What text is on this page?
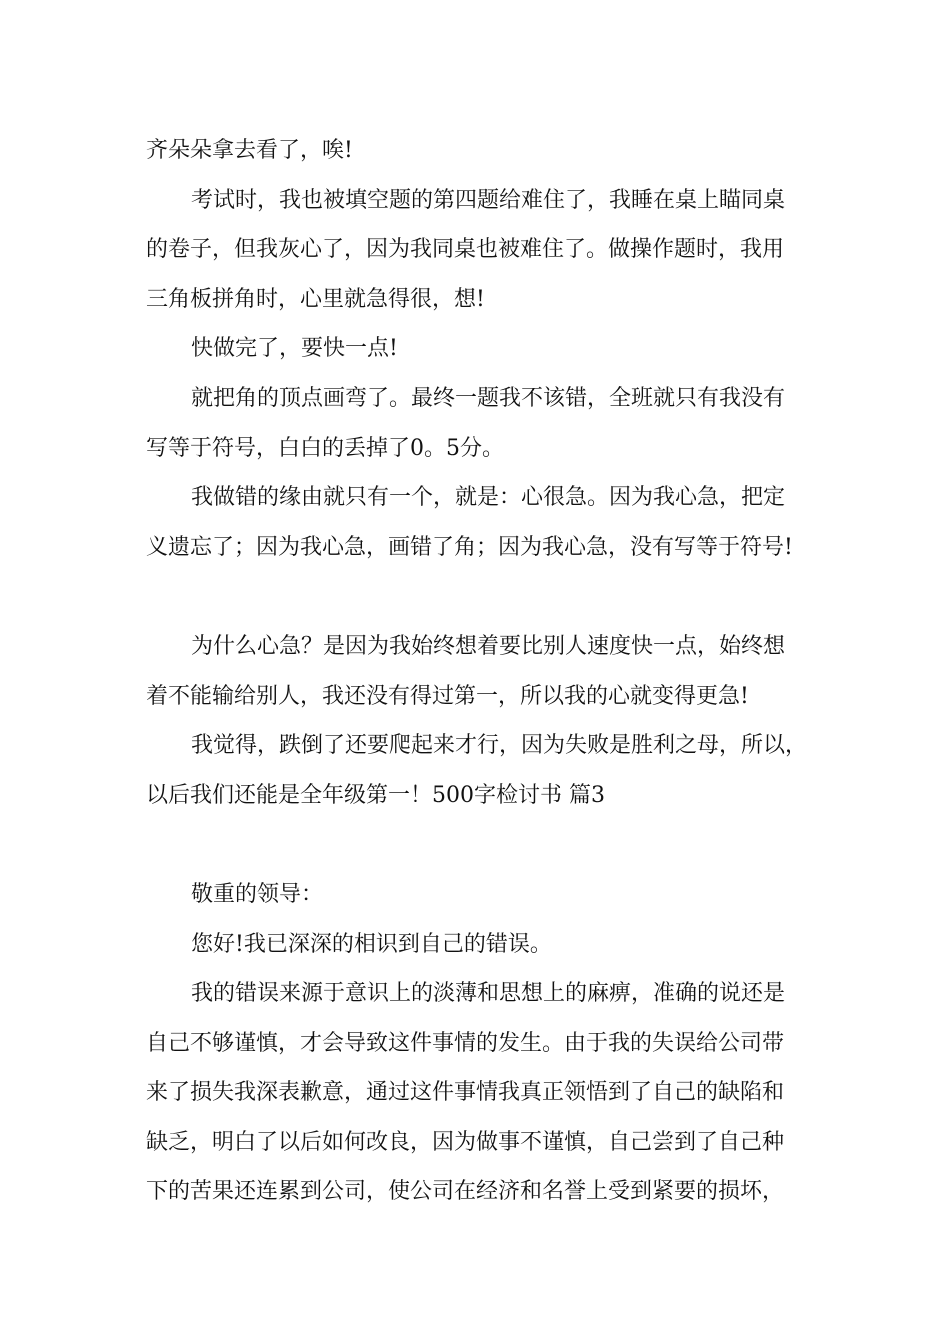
齐朵朵拿去看了，唉!

考试时，我也被填空题的第四题给难住了，我睡在桌上瞄同桌

的卷子，但我灰心了，因为我同桌也被难住了。做操作题时，我用

三角板拼角时，心里就急得很，想!

快做完了，要快一点!

就把角的顶点画弯了。最终一题我不该错，全班就只有我没有

写等于符号，白白的丢掉了0。5分。

我做错的缘由就只有一个，就是：心很急。因为我心急，把定

义遗忘了；因为我心急，画错了角；因为我心急，没有写等于符号!

为什么心急？是因为我始终想着要比别人速度快一点，始终想

着不能输给别人，我还没有得过第一，所以我的心就变得更急!

我觉得，跌倒了还要爬起来才行，因为失败是胜利之母，所以，

以后我们还能是全年级第一！500字检讨书 篇3

敬重的领导：

您好!我已深深的相识到自己的错误。

我的错误来源于意识上的淡薄和思想上的麻痹，准确的说还是

自己不够谨慎，才会导致这件事情的发生。由于我的失误给公司带

来了损失我深表歉意，通过这件事情我真正领悟到了自己的缺陷和

缺乏，明白了以后如何改良，因为做事不谨慎，自己尝到了自己种

下的苦果还连累到公司，使公司在经济和名誉上受到紧要的损坏，
